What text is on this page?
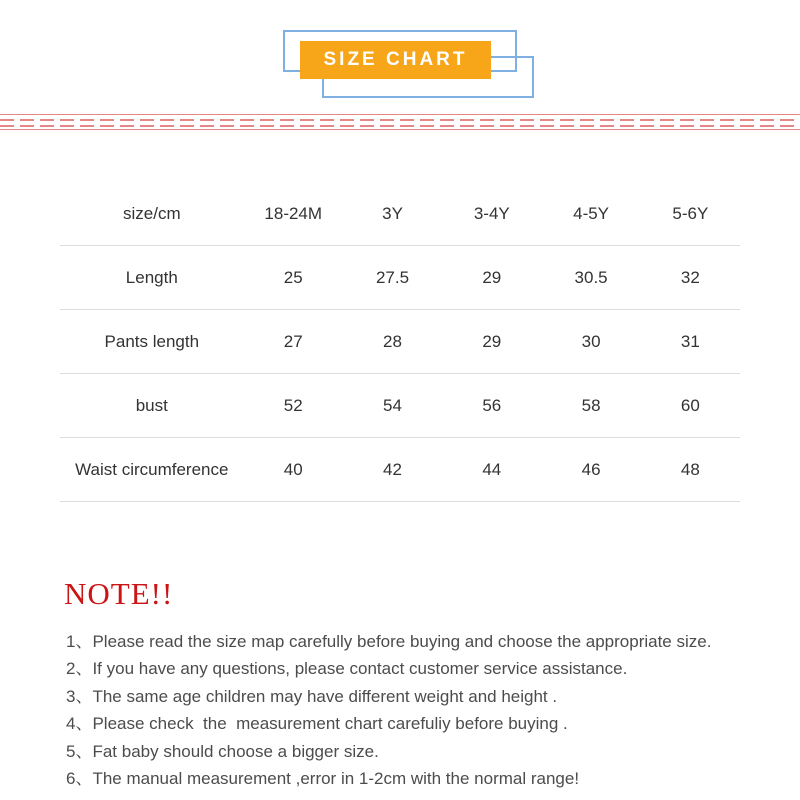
SIZE CHART
size/cm	18-24M	3Y	3-4Y	4-5Y	5-6Y
Length	25	27.5	29	30.5	32
Pants length	27	28	29	30	31
bust	52	54	56	58	60
Waist circumference	40	42	44	46	48
NOTE!!
1、Please read the size map carefully before buying and choose the appropriate size.
2、If you have any questions, please contact customer service assistance.
3、The same age children may have different weight and height .
4、Please check  the  measurement chart carefuliy before buying .
5、Fat baby should choose a bigger size.
6、The manual measurement ,error in 1-2cm with the normal range!
